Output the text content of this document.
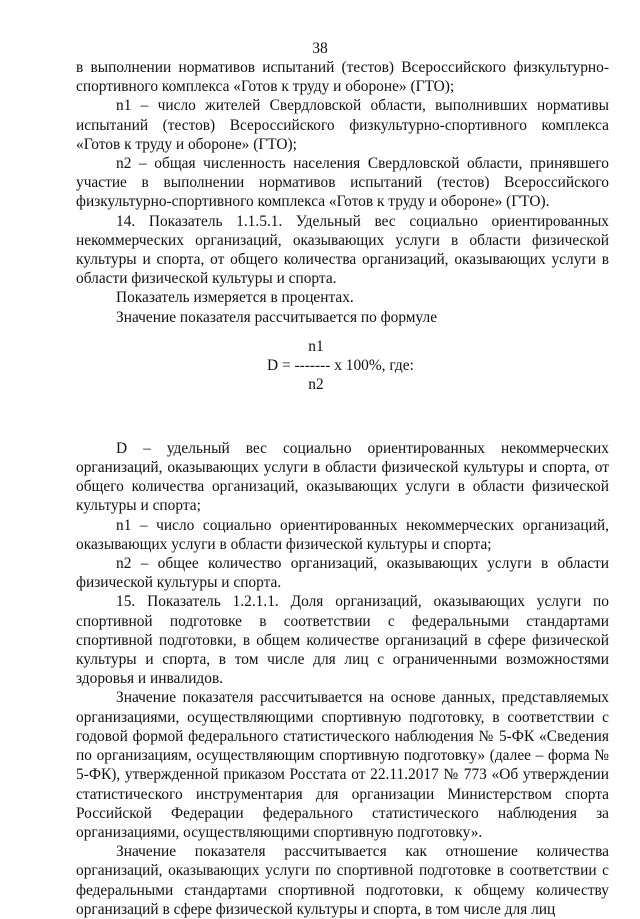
38

в выполнении нормативов испытаний (тестов) Всероссийского физкультурно-спортивного комплекса «Готов к труду и обороне» (ГТО);

n1 – число жителей Свердловской области, выполнивших нормативы испытаний (тестов) Всероссийского физкультурно-спортивного комплекса «Готов к труду и обороне» (ГТО);

n2 – общая численность населения Свердловской области, принявшего участие в выполнении нормативов испытаний (тестов) Всероссийского физкультурно-спортивного комплекса «Готов к труду и обороне» (ГТО).

14. Показатель 1.1.5.1. Удельный вес социально ориентированных некоммерческих организаций, оказывающих услуги в области физической культуры и спорта, от общего количества организаций, оказывающих услуги в области физической культуры и спорта.

Показатель измеряется в процентах.

Значение показателя рассчитывается по формуле

n1
D = ------- х 100%, где:
n2

D – удельный вес социально ориентированных некоммерческих организаций, оказывающих услуги в области физической культуры и спорта, от общего количества организаций, оказывающих услуги в области физической культуры и спорта;

n1 – число социально ориентированных некоммерческих организаций, оказывающих услуги в области физической культуры и спорта;

n2 – общее количество организаций, оказывающих услуги в области физической культуры и спорта.

15. Показатель 1.2.1.1. Доля организаций, оказывающих услуги по спортивной подготовке в соответствии с федеральными стандартами спортивной подготовки, в общем количестве организаций в сфере физической культуры и спорта, в том числе для лиц с ограниченными возможностями здоровья и инвалидов.

Значение показателя рассчитывается на основе данных, представляемых организациями, осуществляющими спортивную подготовку, в соответствии с годовой формой федерального статистического наблюдения № 5-ФК «Сведения по организациям, осуществляющим спортивную подготовку» (далее – форма № 5-ФК), утвержденной приказом Росстата от 22.11.2017 № 773 «Об утверждении статистического инструментария для организации Министерством спорта Российской Федерации федерального статистического наблюдения за организациями, осуществляющими спортивную подготовку».

Значение показателя рассчитывается как отношение количества организаций, оказывающих услуги по спортивной подготовке в соответствии с федеральными стандартами спортивной подготовки, к общему количеству организаций в сфере физической культуры и спорта, в том числе для лиц
